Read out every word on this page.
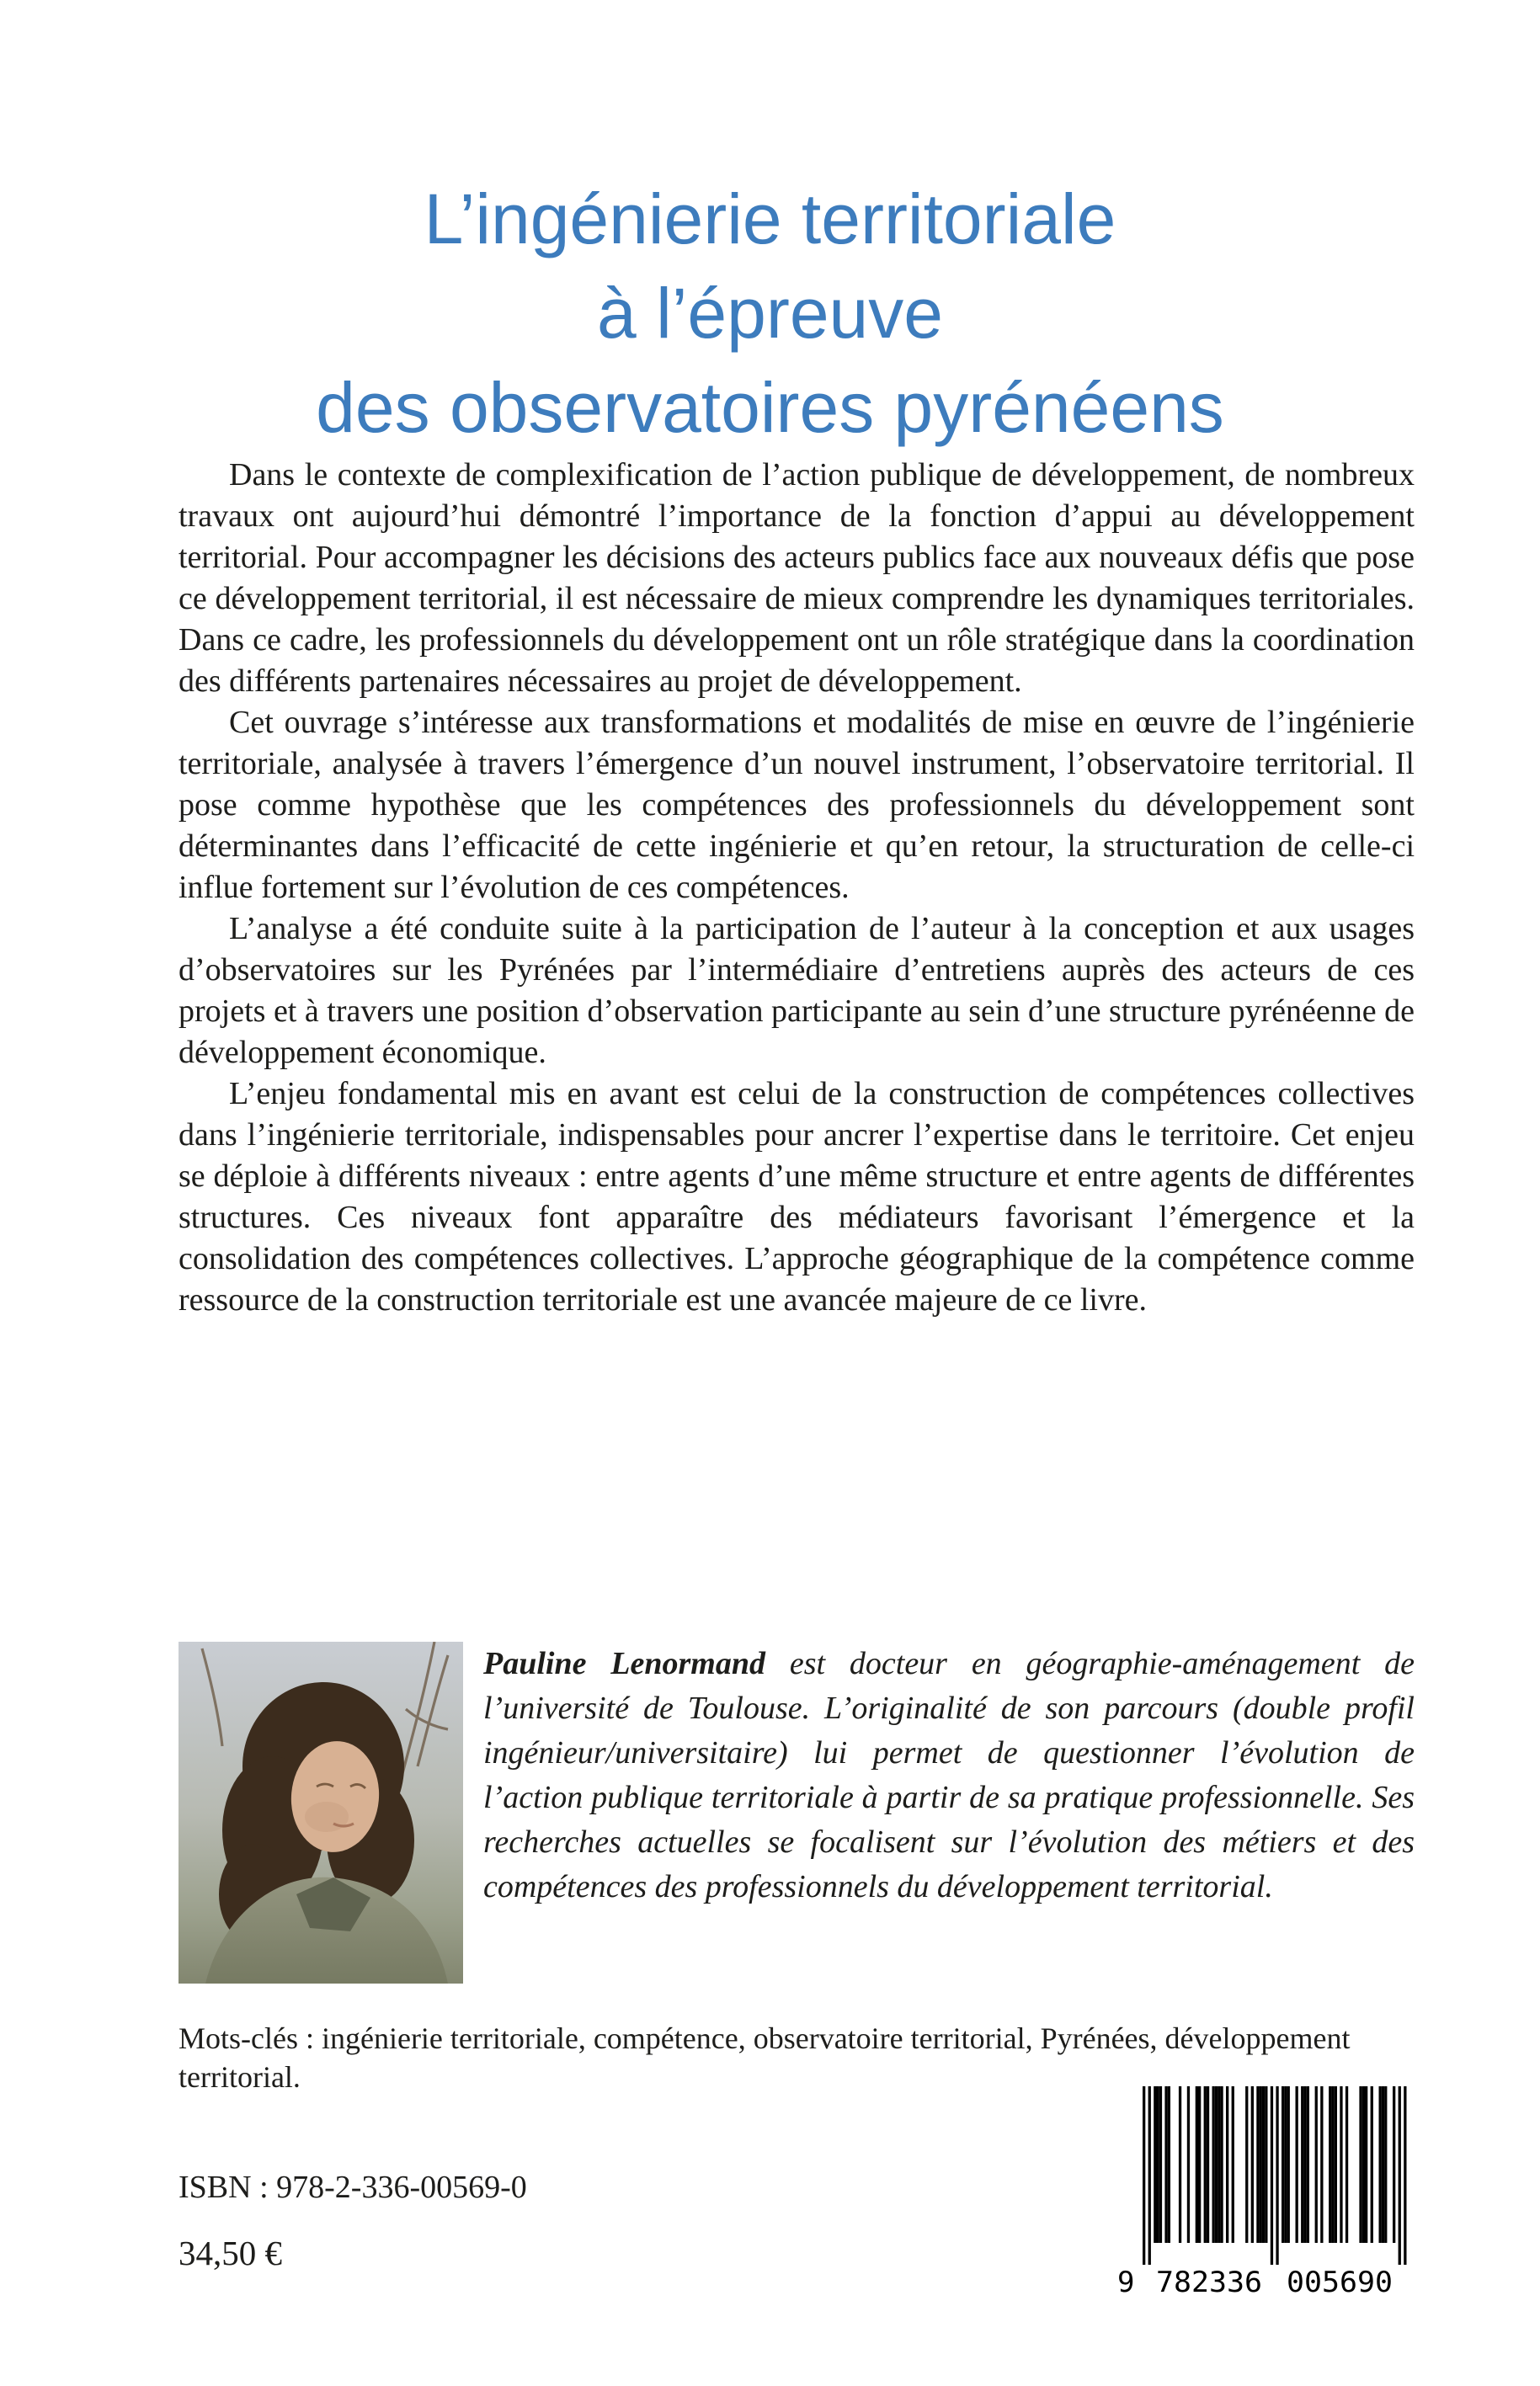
L’ingénierie territoriale
à l’épreuve
des observatoires pyrénéens

Dans le contexte de complexification de l’action publique de développement, de nombreux travaux ont aujourd’hui démontré l’importance de la fonction d’appui au développement territorial. Pour accompagner les décisions des acteurs publics face aux nouveaux défis que pose ce développement territorial, il est nécessaire de mieux comprendre les dynamiques territoriales. Dans ce cadre, les professionnels du développement ont un rôle stratégique dans la coordination des différents partenaires nécessaires au projet de développement.

Cet ouvrage s’intéresse aux transformations et modalités de mise en œuvre de l’ingénierie territoriale, analysée à travers l’émergence d’un nouvel instrument, l’observatoire territorial. Il pose comme hypothèse que les compétences des professionnels du développement sont déterminantes dans l’efficacité de cette ingénierie et qu’en retour, la structuration de celle-ci influe fortement sur l’évolution de ces compétences.

L’analyse a été conduite suite à la participation de l’auteur à la conception et aux usages d’observatoires sur les Pyrénées par l’intermédiaire d’entretiens auprès des acteurs de ces projets et à travers une position d’observation participante au sein d’une structure pyrénéenne de développement économique.

L’enjeu fondamental mis en avant est celui de la construction de compétences collectives dans l’ingénierie territoriale, indispensables pour ancrer l’expertise dans le territoire. Cet enjeu se déploie à différents niveaux : entre agents d’une même structure et entre agents de différentes structures. Ces niveaux font apparaître des médiateurs favorisant l’émergence et la consolidation des compétences collectives. L’approche géographique de la compétence comme ressource de la construction territoriale est une avancée majeure de ce livre.

Pauline Lenormand est docteur en géographie-aménagement de l’université de Toulouse. L’originalité de son parcours (double profil ingénieur/universitaire) lui permet de questionner l’évolution de l’action publique territoriale à partir de sa pratique professionnelle. Ses recherches actuelles se focalisent sur l’évolution des métiers et des compétences des professionnels du développement territorial.

Mots-clés : ingénierie territoriale, compétence, observatoire territorial, Pyrénées, développement territorial.
ISBN : 978-2-336-00569-0
34,50 €
9 782336 005690
